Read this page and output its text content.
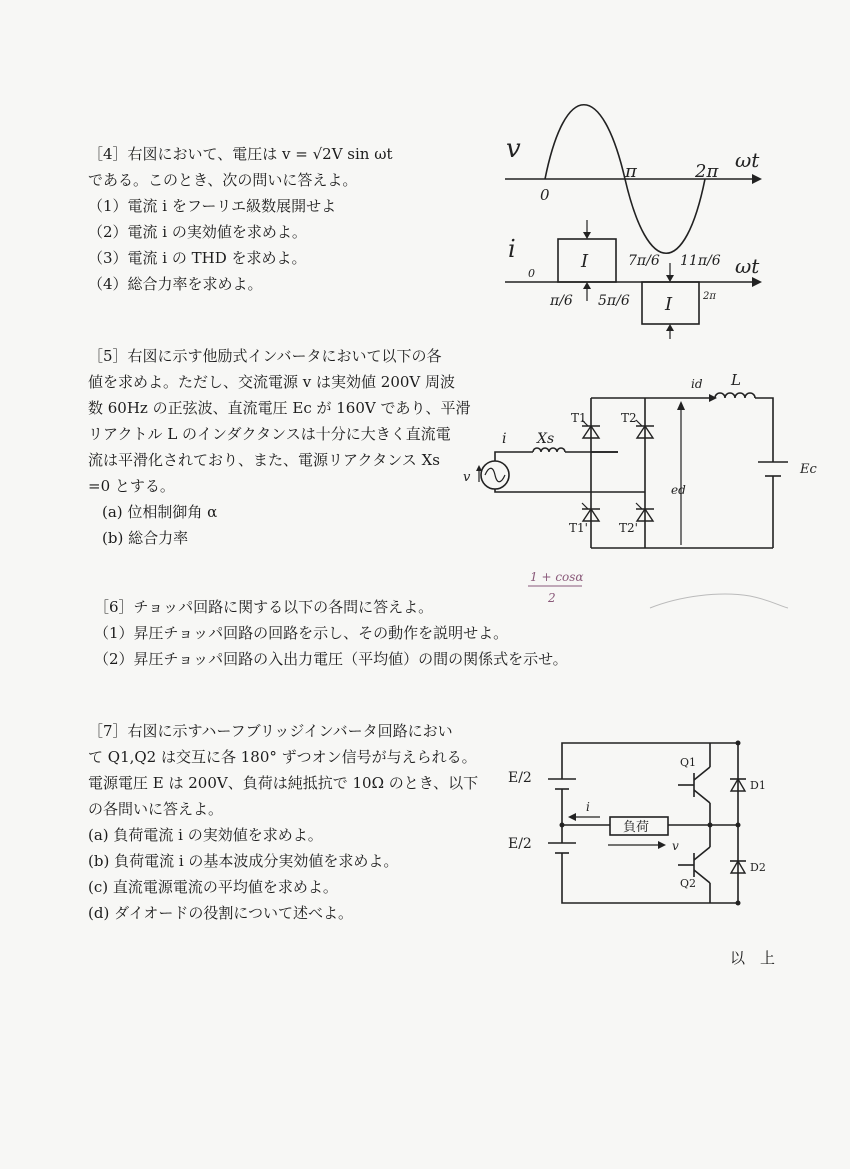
［4］右図において、電圧は v = √2V sin ωt
である。このとき、次の問いに答えよ。
（1）電流 i をフーリエ級数展開せよ
（2）電流 i の実効値を求めよ。
（3）電流 i の THD を求めよ。
（4）総合力率を求めよ。
v	ωt
0
π	2π
i
ωt
I
I
0
π/6 5π/6
7π/6 11π/6
2π
［5］右図に示す他励式インバータにおいて以下の各
値を求めよ。ただし、交流電源 v は実効値 200V 周波
数 60Hz の正弦波、直流電圧 Ec が 160V であり、平滑
リアクトル L のインダクタンスは十分に大きく直流電
流は平滑化されており、また、電源リアクタンス Xs
=0 とする。
(a) 位相制御角 α
(b) 総合力率
v
i Xs
T1	T2
T1'	T2'
ed
id L
Ec
1 + cosα
2
［6］チョッパ回路に関する以下の各問に答えよ。
（1）昇圧チョッパ回路の回路を示し、その動作を説明せよ。
（2）昇圧チョッパ回路の入出力電圧（平均値）の間の関係式を示せ。
［7］右図に示すハーフブリッジインバータ回路におい
て Q1,Q2 は交互に各 180° ずつオン信号が与えられる。
電源電圧 E は 200V、負荷は純抵抗で 10Ω のとき、以下
の各問いに答えよ。
(a) 負荷電流 i の実効値を求めよ。
(b) 負荷電流 i の基本波成分実効値を求めよ。
(c) 直流電源電流の平均値を求めよ。
(d) ダイオードの役割について述べよ。
E/2
E/2
負荷
i
v
Q1
Q2
D1
D2
以　上
